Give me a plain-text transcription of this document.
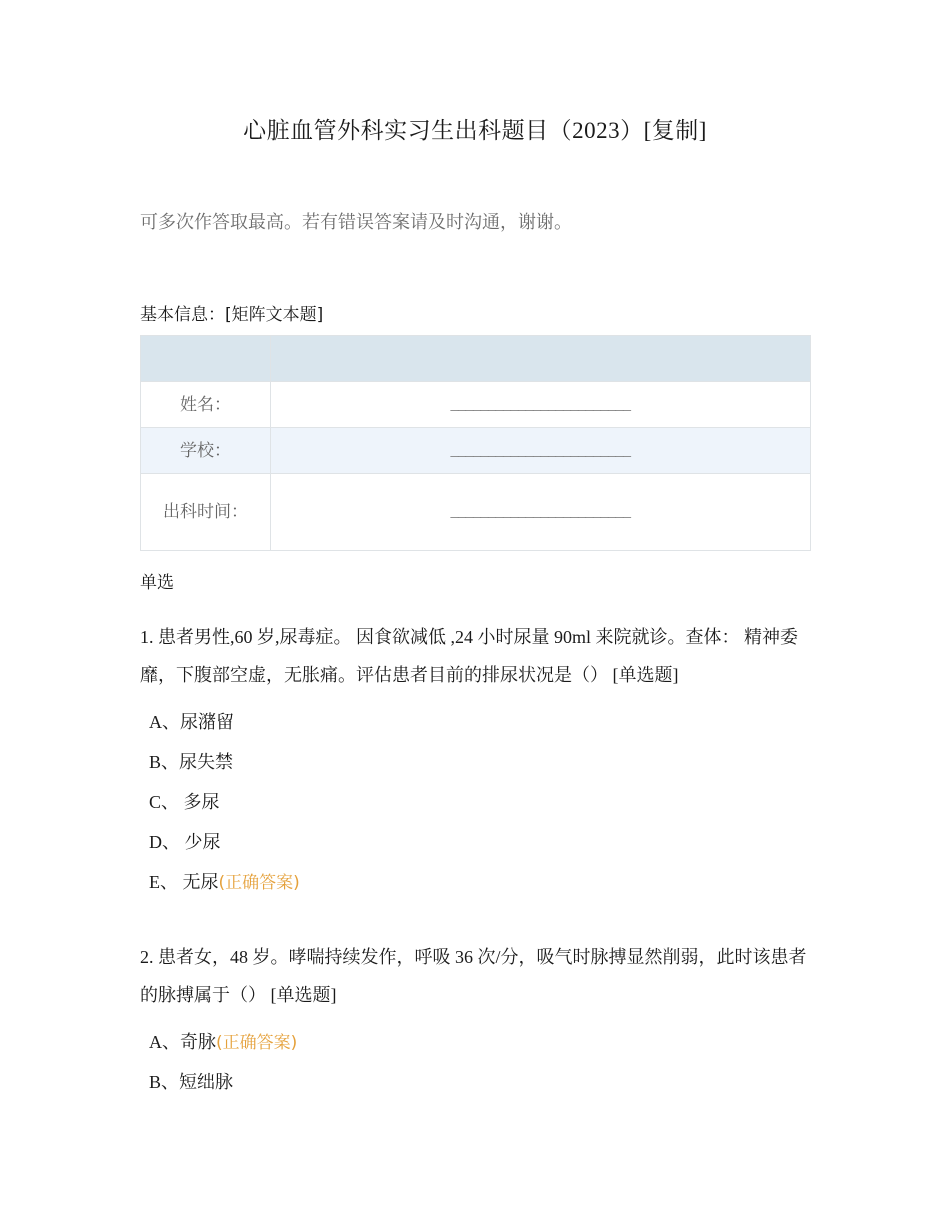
心脏血管外科实习生出科题目（2023）[复制]
可多次作答取最高。若有错误答案请及时沟通，谢谢。
基本信息：[矩阵文本题]

姓名：	________________________
学校：	________________________
出科时间：	________________________
单选
1. 患者男性,60 岁,尿毒症。 因食欲减低 ,24 小时尿量 90ml 来院就诊。查体： 精神委靡，下腹部空虚，无胀痛。评估患者目前的排尿状况是（） [单选题]
A、尿潴留
B、尿失禁
C、 多尿
D、 少尿
E、 无尿(正确答案)
2. 患者女，48 岁。哮喘持续发作，呼吸 36 次/分，吸气时脉搏显然削弱，此时该患者的脉搏属于（） [单选题]
A、奇脉(正确答案)
B、短绌脉
